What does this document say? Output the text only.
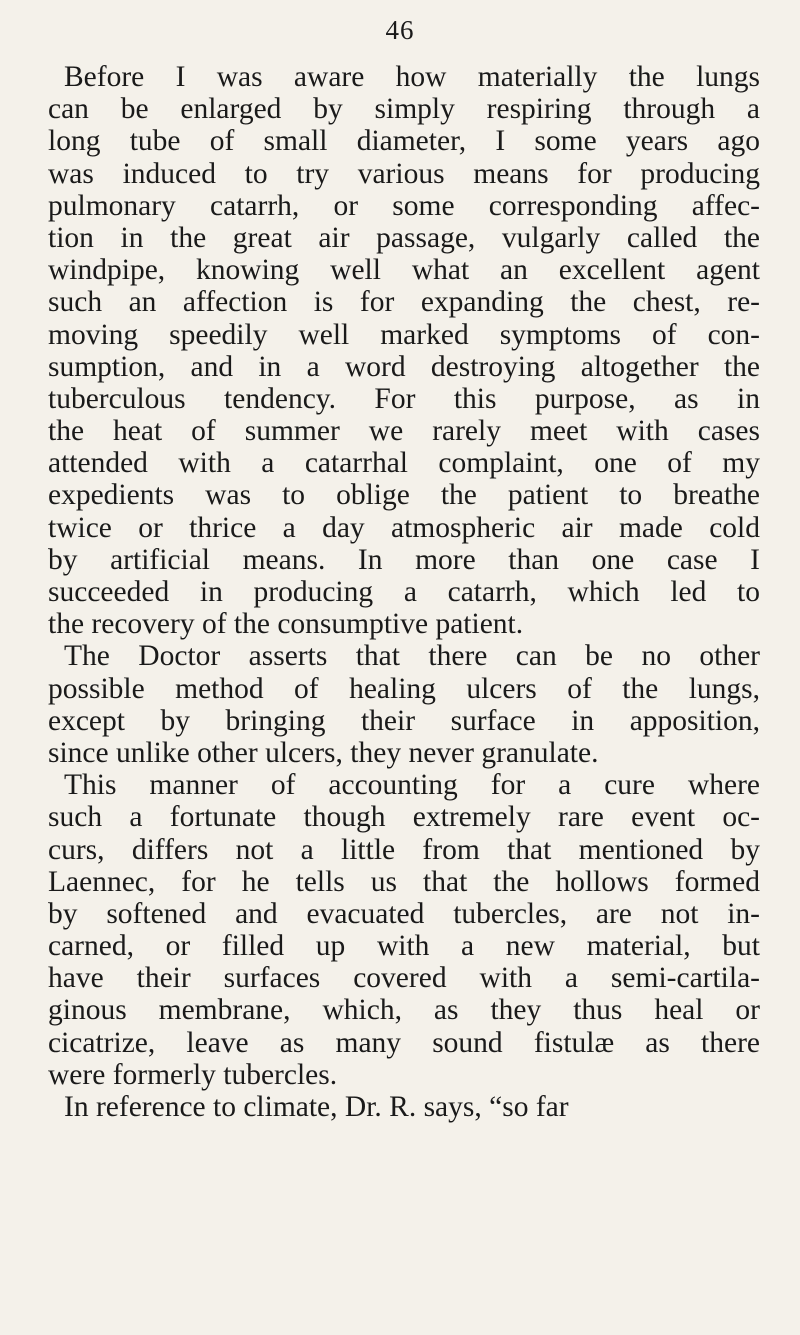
46
Before I was aware how materially the lungs
can be enlarged by simply respiring through a
long tube of small diameter, I some years ago
was induced to try various means for producing
pulmonary catarrh, or some corresponding affec-
tion in the great air passage, vulgarly called the
windpipe, knowing well what an excellent agent
such an affection is for expanding the chest, re-
moving speedily well marked symptoms of con-
sumption, and in a word destroying altogether the
tuberculous tendency. For this purpose, as in
the heat of summer we rarely meet with cases
attended with a catarrhal complaint, one of my
expedients was to oblige the patient to breathe
twice or thrice a day atmospheric air made cold
by artificial means. In more than one case I
succeeded in producing a catarrh, which led to
the recovery of the consumptive patient.
The Doctor asserts that there can be no other
possible method of healing ulcers of the lungs,
except by bringing their surface in apposition,
since unlike other ulcers, they never granulate.
This manner of accounting for a cure where
such a fortunate though extremely rare event oc-
curs, differs not a little from that mentioned by
Laennec, for he tells us that the hollows formed
by softened and evacuated tubercles, are not in-
carned, or filled up with a new material, but
have their surfaces covered with a semi-cartila-
ginous membrane, which, as they thus heal or
cicatrize, leave as many sound fistulæ as there
were formerly tubercles.
In reference to climate, Dr. R. says, “so far
